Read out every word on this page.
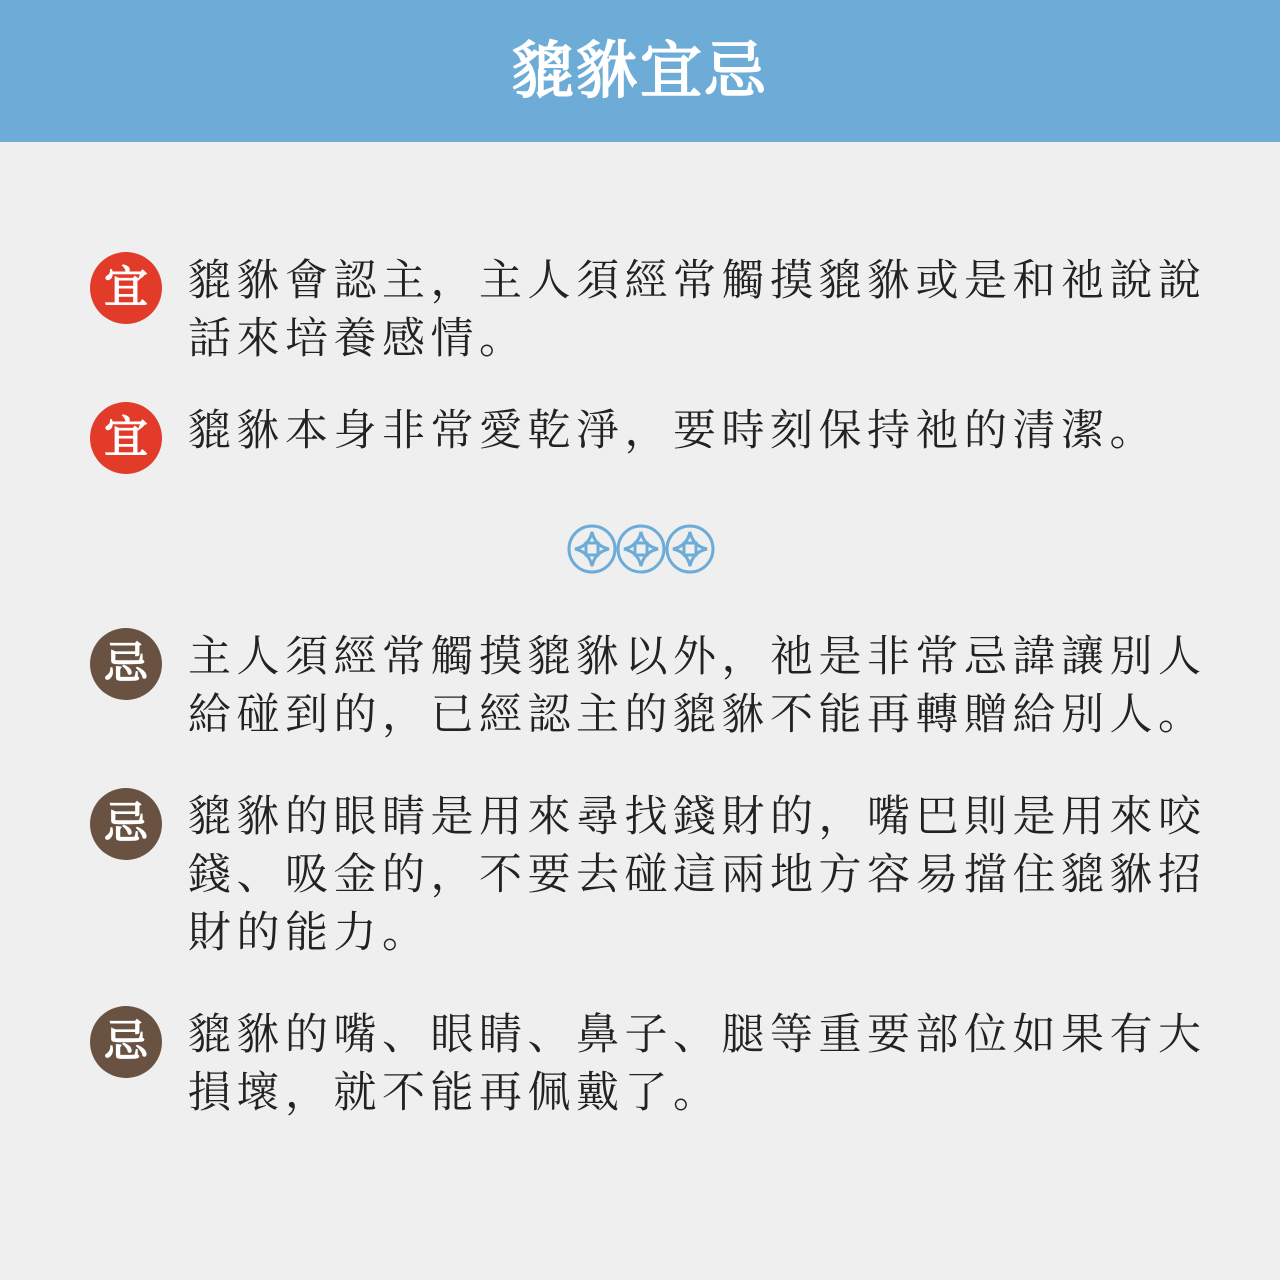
貔貅宜忌
宜 貔貅會認主，主人須經常觸摸貔貅或是和祂說說話來培養感情。

宜 貔貅本身非常愛乾淨，要時刻保持祂的清潔。

忌 主人須經常觸摸貔貅以外，祂是非常忌諱讓別人給碰到的，已經認主的貔貅不能再轉贈給別人。

忌 貔貅的眼睛是用來尋找錢財的，嘴巴則是用來咬錢、吸金的，不要去碰這兩地方容易擋住貔貅招財的能力。

忌 貔貅的嘴、眼睛、鼻子、腿等重要部位如果有大損壞，就不能再佩戴了。
